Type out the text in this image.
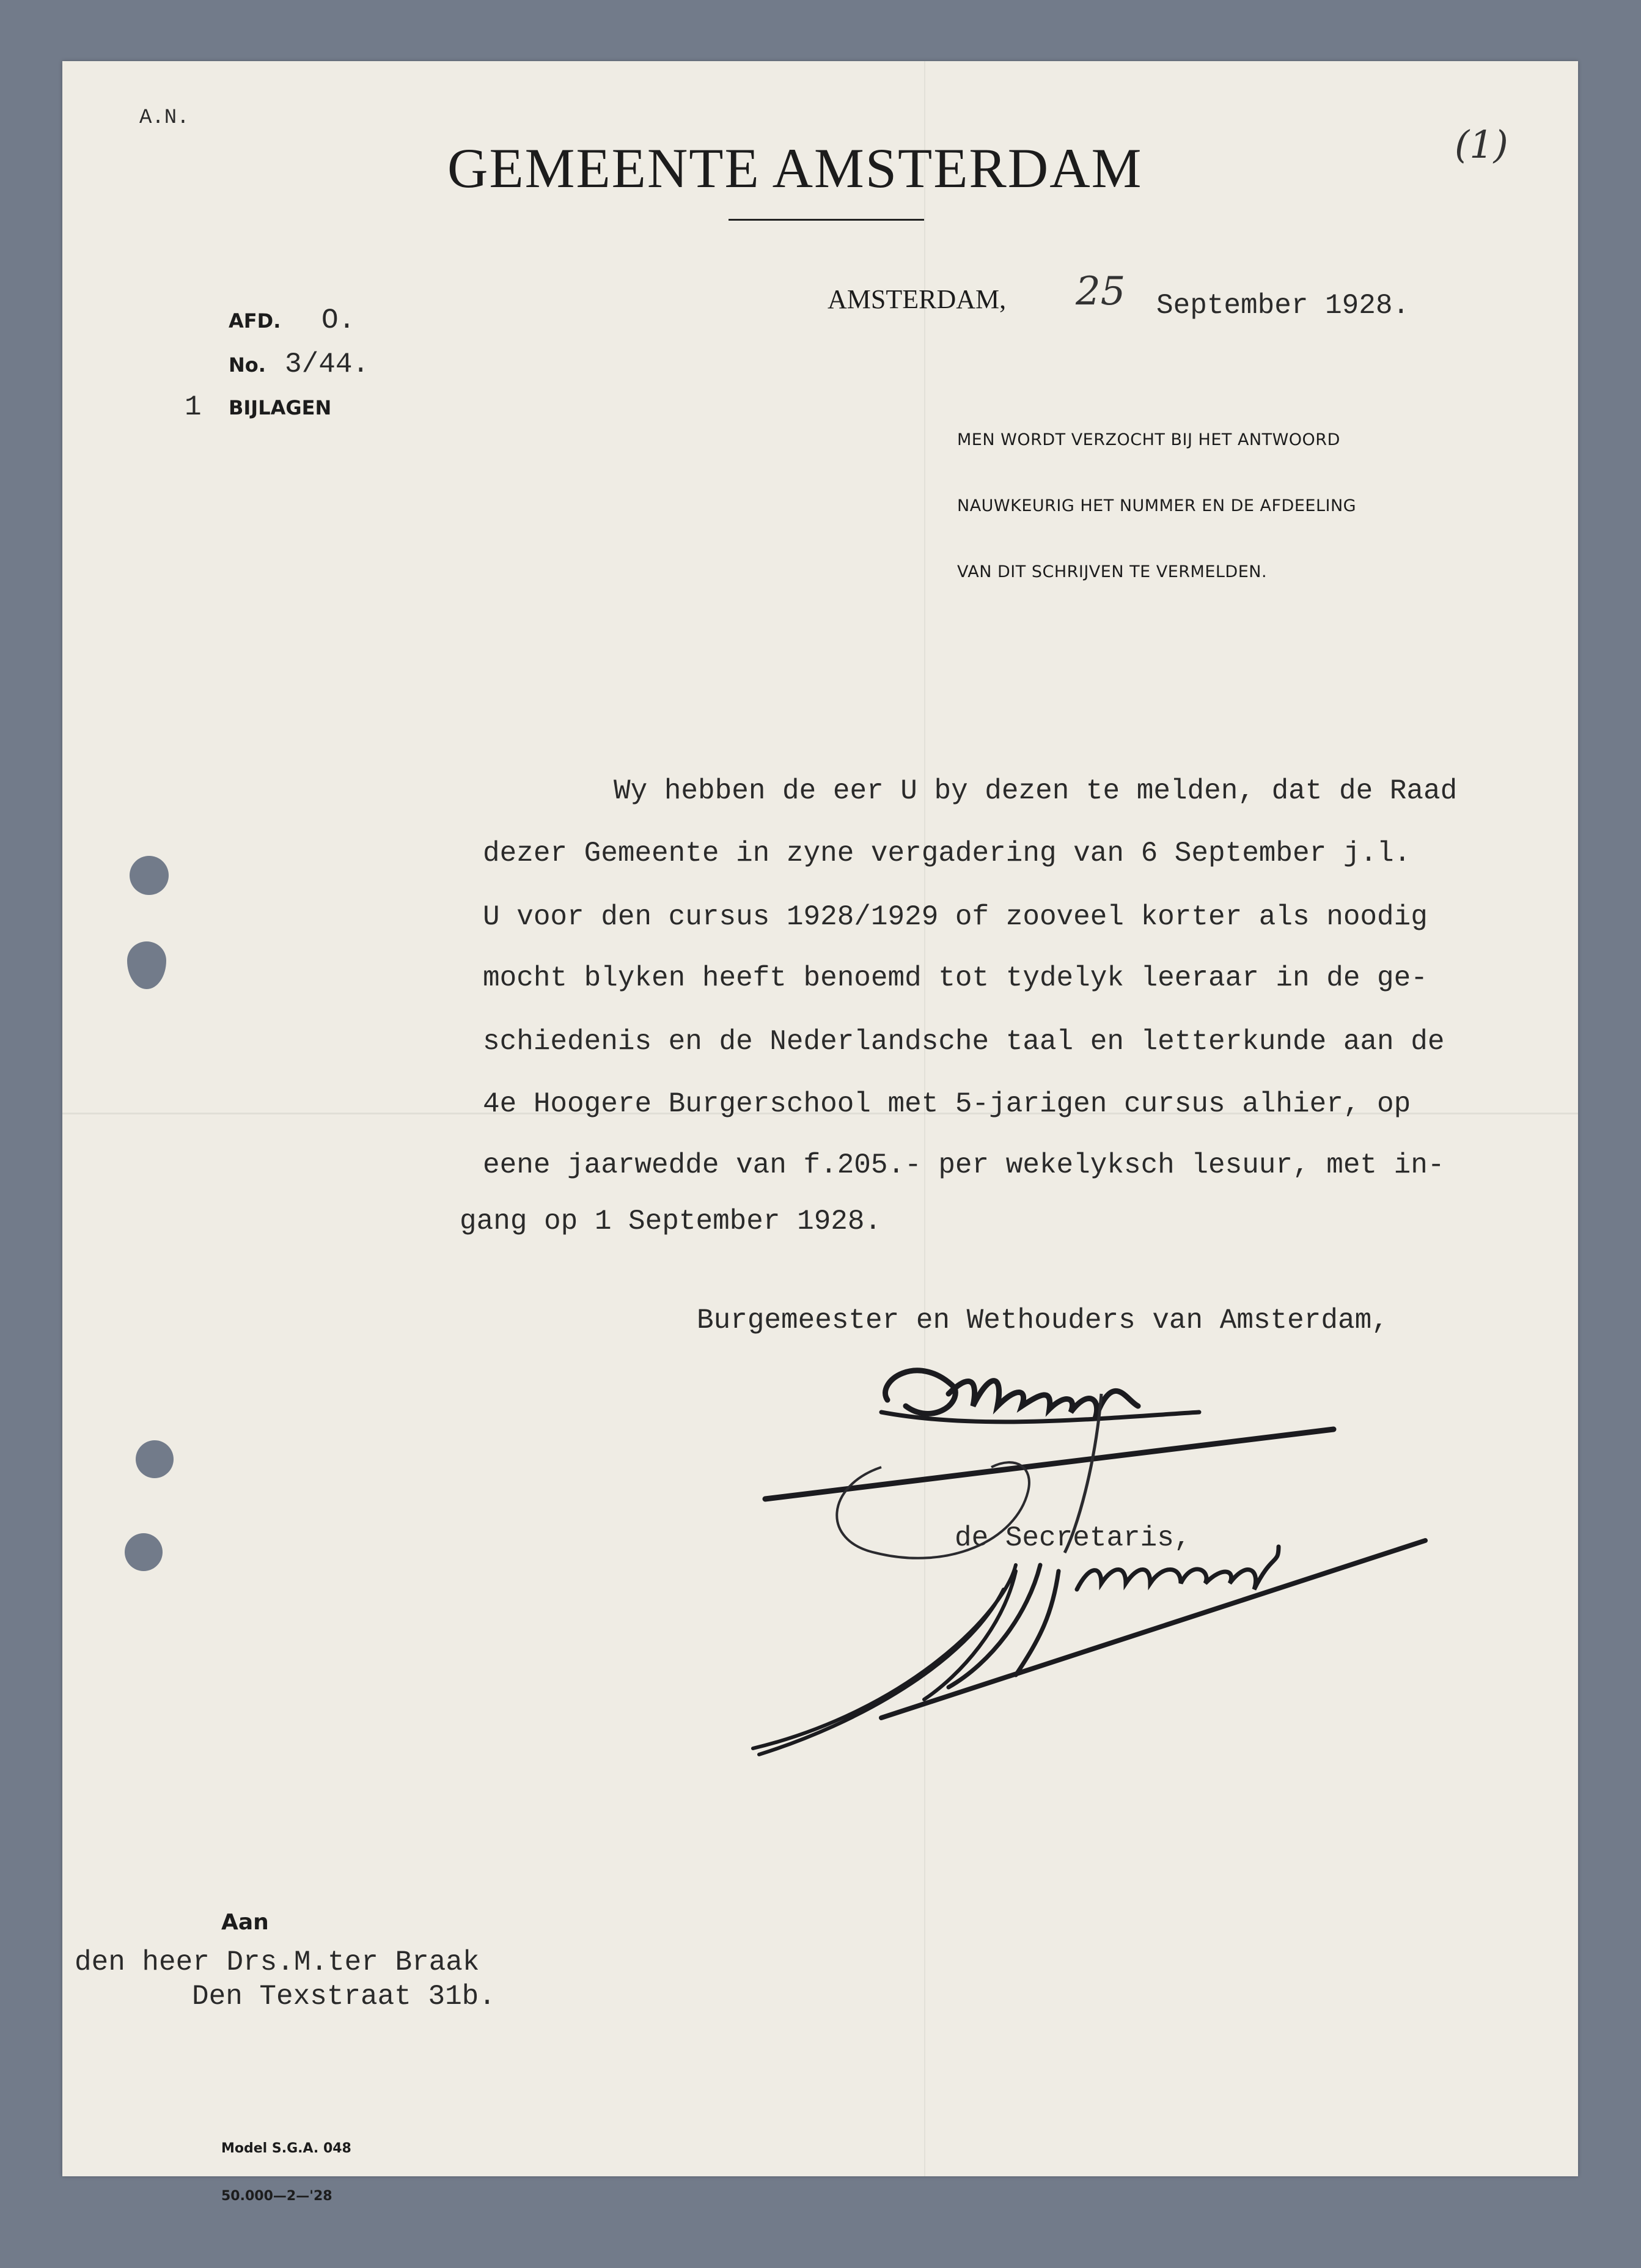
A.N.
(1)
GEMEENTE AMSTERDAM
AFD. O.
No. 3/44.
1 BIJLAGEN
AMSTERDAM, 25 September 1928.

MEN WORDT VERZOCHT BIJ HET ANTWOORD

NAUWKEURIG HET NUMMER EN DE AFDEELING

VAN DIT SCHRIJVEN TE VERMELDEN.

Wy hebben de eer U by dezen te melden, dat de Raad
dezer Gemeente in zyne vergadering van 6 September j.l.
U voor den cursus 1928/1929 of zooveel korter als noodig
mocht blyken heeft benoemd tot tydelyk leeraar in de ge-
schiedenis en de Nederlandsche taal en letterkunde aan de
4e Hoogere Burgerschool met 5-jarigen cursus alhier, op
eene jaarwedde van f.205.- per wekelyksch lesuur, met in-
gang op 1 September 1928.
Burgemeester en Wethouders van Amsterdam,
de Secretaris,
Aan
den heer Drs.M.ter Braak
Den Texstraat 31b.

Model S.G.A. 048

50.000—2—'28
